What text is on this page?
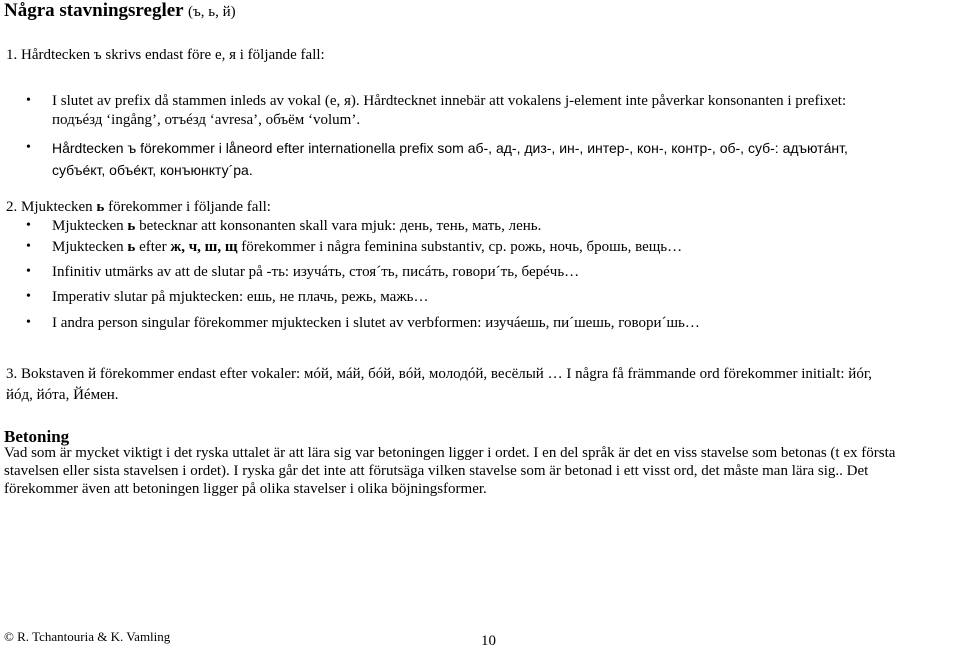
Några stavningsregler (ъ, ь, й)
1. Hårdtecken ъ skrivs endast före e, я i följande fall:
• I slutet av prefix då stammen inleds av vokal (е, я). Hårdtecknet innebär att vokalens j-element inte påverkar konsonanten i prefixet:
подъéзд ‘ingång’, отъéзд ‘avresa’, объём ‘volum’.
• Hårdtecken ъ förekommer i låneord efter internationella prefix som аб-, ад-, диз-, ин-, интер-, кон-, контр-, об-, суб-: адъютáнт,
субъéкт, объéкт, конъюнкту´ра.
2. Mjuktecken ь förekommer i följande fall:
• Mjuktecken ь betecknar att konsonanten skall vara mjuk: день, тень, мать, лень.
• Mjuktecken ь efter ж, ч, ш, щ förekommer i några feminina substantiv, ср. рожь, ночь, брошь, вещь…
• Infinitiv utmärks av att de slutar på -ть: изучáть, стоя´ть, писáть, говори´ть, берéчь…
• Imperativ slutar på mjuktecken: ешь, не плачь, режь, мажь…
• I andra person singular förekommer mjuktecken i slutet av verbformen: изучáешь, пи´шешь, говори´шь…
3. Bokstaven й förekommer endast efter vokaler: мóй, мáй, бóй, вóй, молодóй, весёлый … I några få främmande ord förekommer initialt: йóг,
йóд, йóта, Йéмен.
Betoning
Vad som är mycket viktigt i det ryska uttalet är att lära sig var betoningen ligger i ordet. I en del språk är det en viss stavelse som betonas (t ex första
stavelsen eller sista stavelsen i ordet). I ryska går det inte att förutsäga vilken stavelse som är betonad i ett visst ord, det måste man lära sig.. Det
förekommer även att betoningen ligger på olika stavelser i olika böjningsformer.
© R. Tchantouria & K. Vamling	10
